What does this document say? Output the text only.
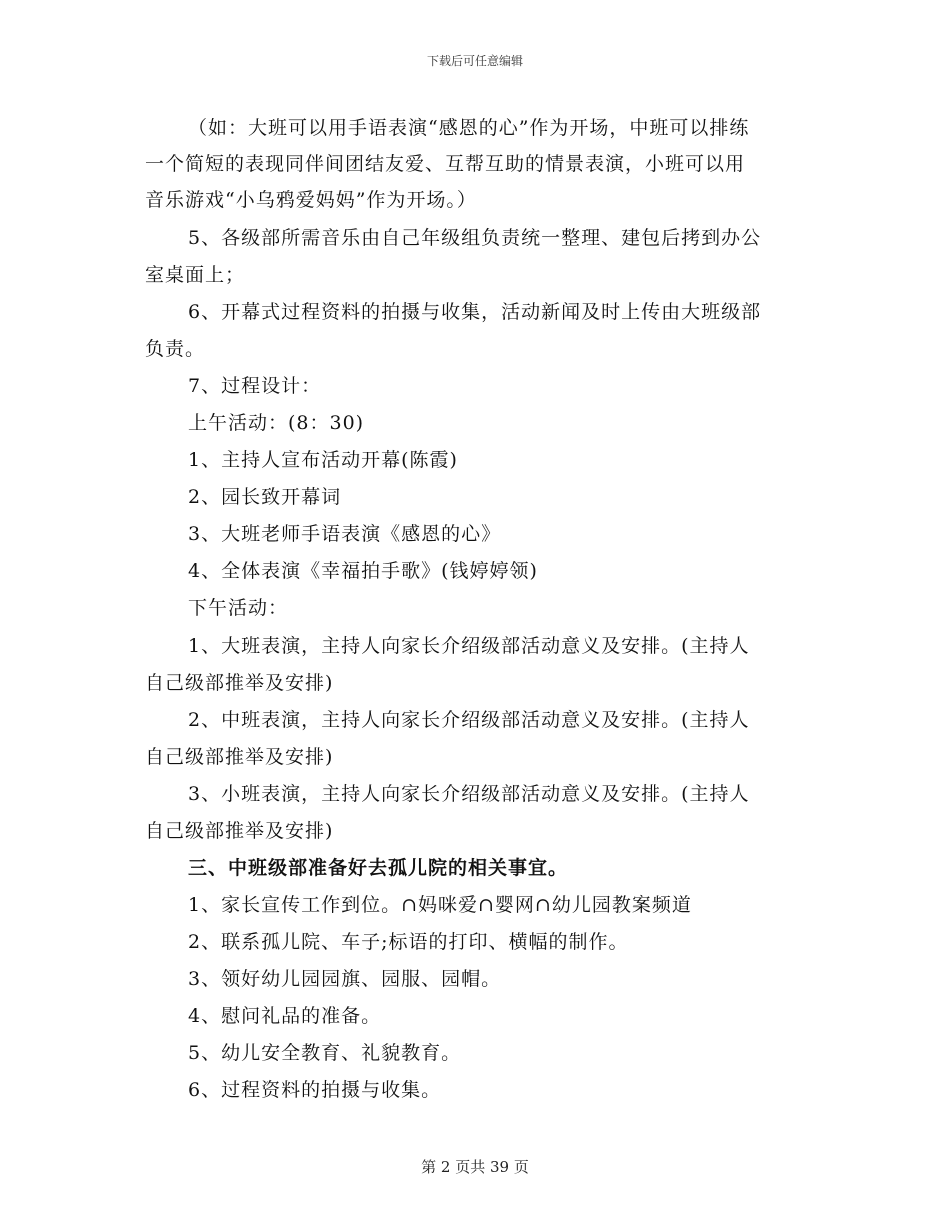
下载后可任意编辑
（如：大班可以用手语表演“感恩的心”作为开场，中班可以排练
一个简短的表现同伴间团结友爱、互帮互助的情景表演，小班可以用
音乐游戏“小乌鸦爱妈妈”作为开场。）
5、各级部所需音乐由自己年级组负责统一整理、建包后拷到办公
室桌面上；
6、开幕式过程资料的拍摄与收集，活动新闻及时上传由大班级部
负责。
7、过程设计：
上午活动：(8：30)
1、主持人宣布活动开幕(陈霞)
2、园长致开幕词
3、大班老师手语表演《感恩的心》
4、全体表演《幸福拍手歌》(钱婷婷领)
下午活动：
1、大班表演，主持人向家长介绍级部活动意义及安排。(主持人
自己级部推举及安排)
2、中班表演，主持人向家长介绍级部活动意义及安排。(主持人
自己级部推举及安排)
3、小班表演，主持人向家长介绍级部活动意义及安排。(主持人
自己级部推举及安排)
三、中班级部准备好去孤儿院的相关事宜。
1、家长宣传工作到位。∩妈咪爱∩婴网∩幼儿园教案频道
2、联系孤儿院、车子;标语的打印、横幅的制作。
3、领好幼儿园园旗、园服、园帽。
4、慰问礼品的准备。
5、幼儿安全教育、礼貌教育。
6、过程资料的拍摄与收集。
第 2 页共 39 页
